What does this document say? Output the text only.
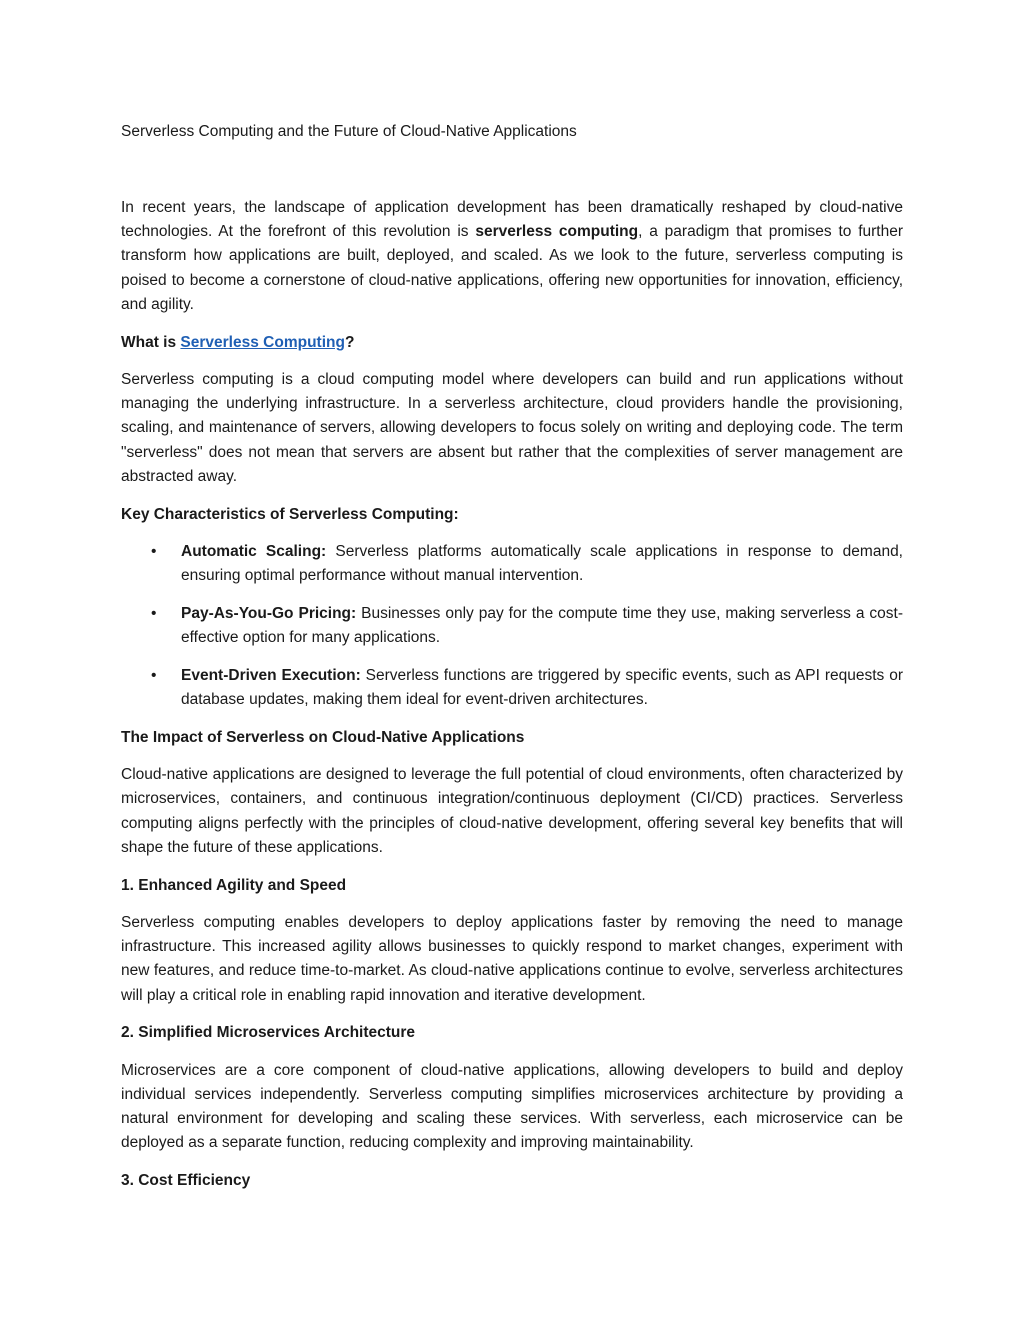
Serverless Computing and the Future of Cloud-Native Applications

In recent years, the landscape of application development has been dramatically reshaped by cloud-native technologies. At the forefront of this revolution is serverless computing, a paradigm that promises to further transform how applications are built, deployed, and scaled. As we look to the future, serverless computing is poised to become a cornerstone of cloud-native applications, offering new opportunities for innovation, efficiency, and agility.

What is Serverless Computing?

Serverless computing is a cloud computing model where developers can build and run applications without managing the underlying infrastructure. In a serverless architecture, cloud providers handle the provisioning, scaling, and maintenance of servers, allowing developers to focus solely on writing and deploying code. The term "serverless" does not mean that servers are absent but rather that the complexities of server management are abstracted away.

Key Characteristics of Serverless Computing:
• Automatic Scaling: Serverless platforms automatically scale applications in response to demand, ensuring optimal performance without manual intervention.
• Pay-As-You-Go Pricing: Businesses only pay for the compute time they use, making serverless a cost-effective option for many applications.
• Event-Driven Execution: Serverless functions are triggered by specific events, such as API requests or database updates, making them ideal for event-driven architectures.
The Impact of Serverless on Cloud-Native Applications

Cloud-native applications are designed to leverage the full potential of cloud environments, often characterized by microservices, containers, and continuous integration/continuous deployment (CI/CD) practices. Serverless computing aligns perfectly with the principles of cloud-native development, offering several key benefits that will shape the future of these applications.

1. Enhanced Agility and Speed

Serverless computing enables developers to deploy applications faster by removing the need to manage infrastructure. This increased agility allows businesses to quickly respond to market changes, experiment with new features, and reduce time-to-market. As cloud-native applications continue to evolve, serverless architectures will play a critical role in enabling rapid innovation and iterative development.

2. Simplified Microservices Architecture

Microservices are a core component of cloud-native applications, allowing developers to build and deploy individual services independently. Serverless computing simplifies microservices architecture by providing a natural environment for developing and scaling these services. With serverless, each microservice can be deployed as a separate function, reducing complexity and improving maintainability.

3. Cost Efficiency
